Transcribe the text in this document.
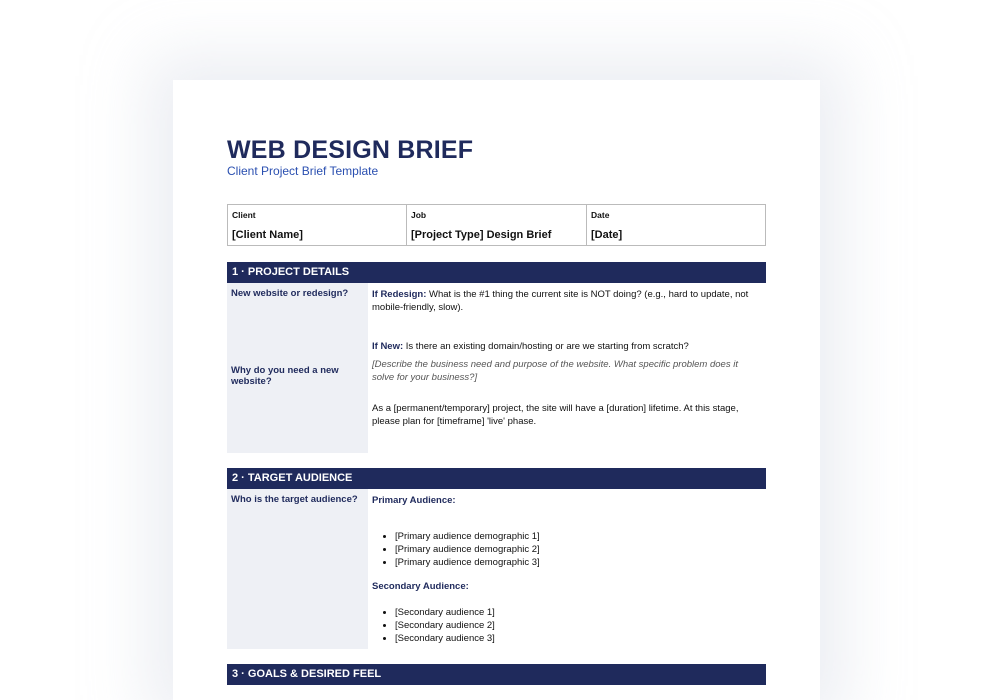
WEB DESIGN BRIEF
Client Project Brief Template
Client
[Client Name]
Job
[Project Type] Design Brief
Date
[Date]
1 · PROJECT DETAILS
New website or redesign?
Why do you need a new website?
If Redesign: What is the #1 thing the current site is NOT doing? (e.g., hard to update, not mobile-friendly, slow).
If New: Is there an existing domain/hosting or are we starting from scratch?
[Describe the business need and purpose of the website. What specific problem does it solve for your business?]
As a [permanent/temporary] project, the site will have a [duration] lifetime. At this stage, please plan for [timeframe] 'live' phase.
2 · TARGET AUDIENCE
Who is the target audience?	Primary Audience:
• [Primary audience demographic 1]
• [Primary audience demographic 2]
• [Primary audience demographic 3]
Secondary Audience:
• [Secondary audience 1]
• [Secondary audience 2]
• [Secondary audience 3]
3 · GOALS & DESIRED FEEL
